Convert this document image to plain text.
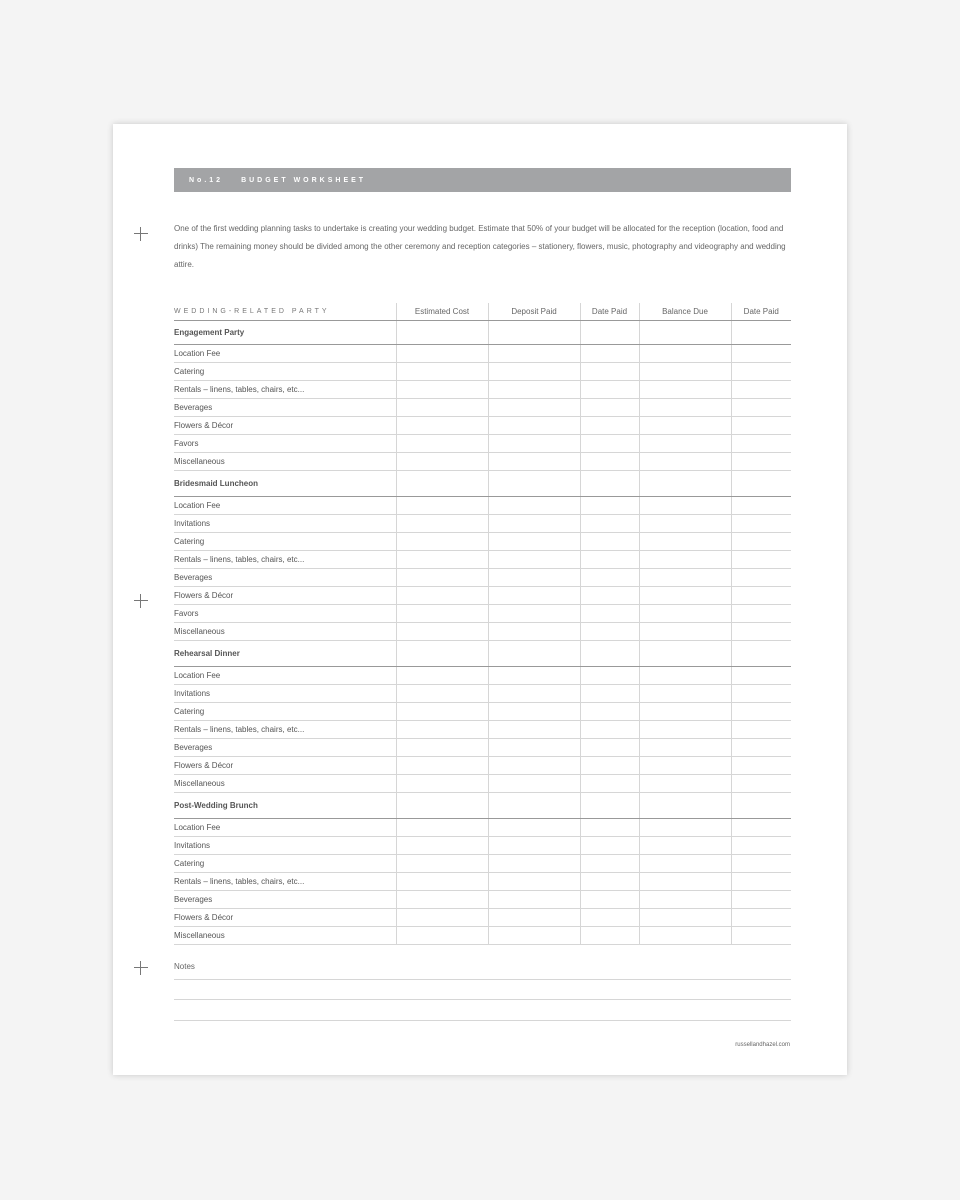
No.12	BUDGET WORKSHEET
One of the first wedding planning tasks to undertake is creating your wedding budget. Estimate that 50% of your budget will be allocated for the reception (location, food and drinks) The remaining money should be divided among the other ceremony and reception categories – stationery, flowers, music, photography and videography and wedding attire.
WEDDING-RELATED PARTY	Estimated Cost	Deposit Paid	Date Paid	Balance Due	Date Paid
Engagement Party					
Location Fee					
Catering					
Rentals – linens, tables, chairs, etc...					
Beverages					
Flowers & Décor					
Favors					
Miscellaneous					
Bridesmaid Luncheon					
Location Fee					
Invitations					
Catering					
Rentals – linens, tables, chairs, etc...					
Beverages					
Flowers & Décor					
Favors					
Miscellaneous					
Rehearsal Dinner					
Location Fee					
Invitations					
Catering					
Rentals – linens, tables, chairs, etc...					
Beverages					
Flowers & Décor					
Miscellaneous					
Post-Wedding Brunch					
Location Fee					
Invitations					
Catering					
Rentals – linens, tables, chairs, etc...					
Beverages					
Flowers & Décor					
Miscellaneous					
Notes
russellandhazel.com
